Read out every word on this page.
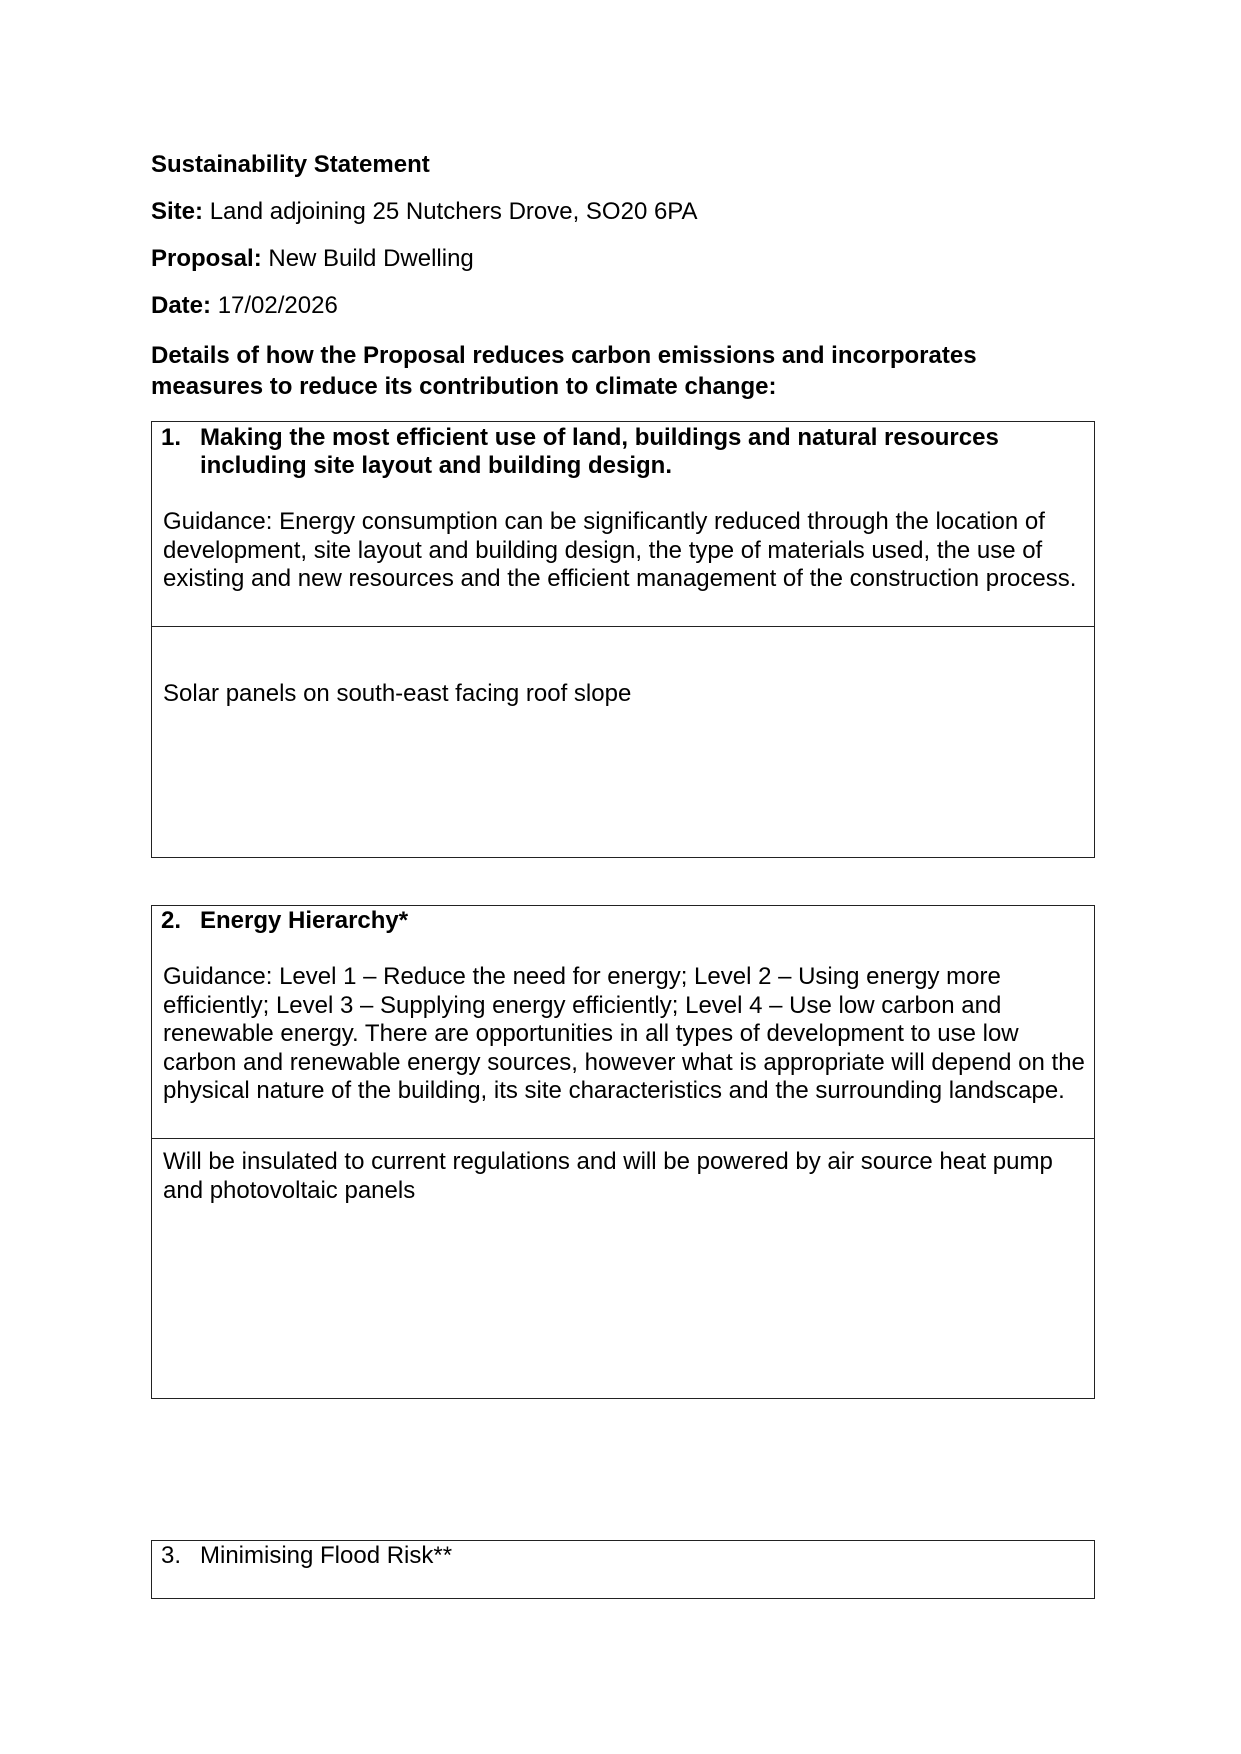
Sustainability Statement
Site: Land adjoining 25 Nutchers Drove, SO20 6PA
Proposal: New Build Dwelling
Date: 17/02/2026
Details of how the Proposal reduces carbon emissions and incorporates measures to reduce its contribution to climate change:
1. Making the most efficient use of land, buildings and natural resources including site layout and building design.
Guidance: Energy consumption can be significantly reduced through the location of development, site layout and building design, the type of materials used, the use of existing and new resources and the efficient management of the construction process.
Solar panels on south-east facing roof slope
2. Energy Hierarchy*
Guidance: Level 1 – Reduce the need for energy; Level 2 – Using energy more efficiently; Level 3 – Supplying energy efficiently; Level 4 – Use low carbon and renewable energy. There are opportunities in all types of development to use low carbon and renewable energy sources, however what is appropriate will depend on the physical nature of the building, its site characteristics and the surrounding landscape.
Will be insulated to current regulations and will be powered by air source heat pump and photovoltaic panels
3. Minimising Flood Risk**
